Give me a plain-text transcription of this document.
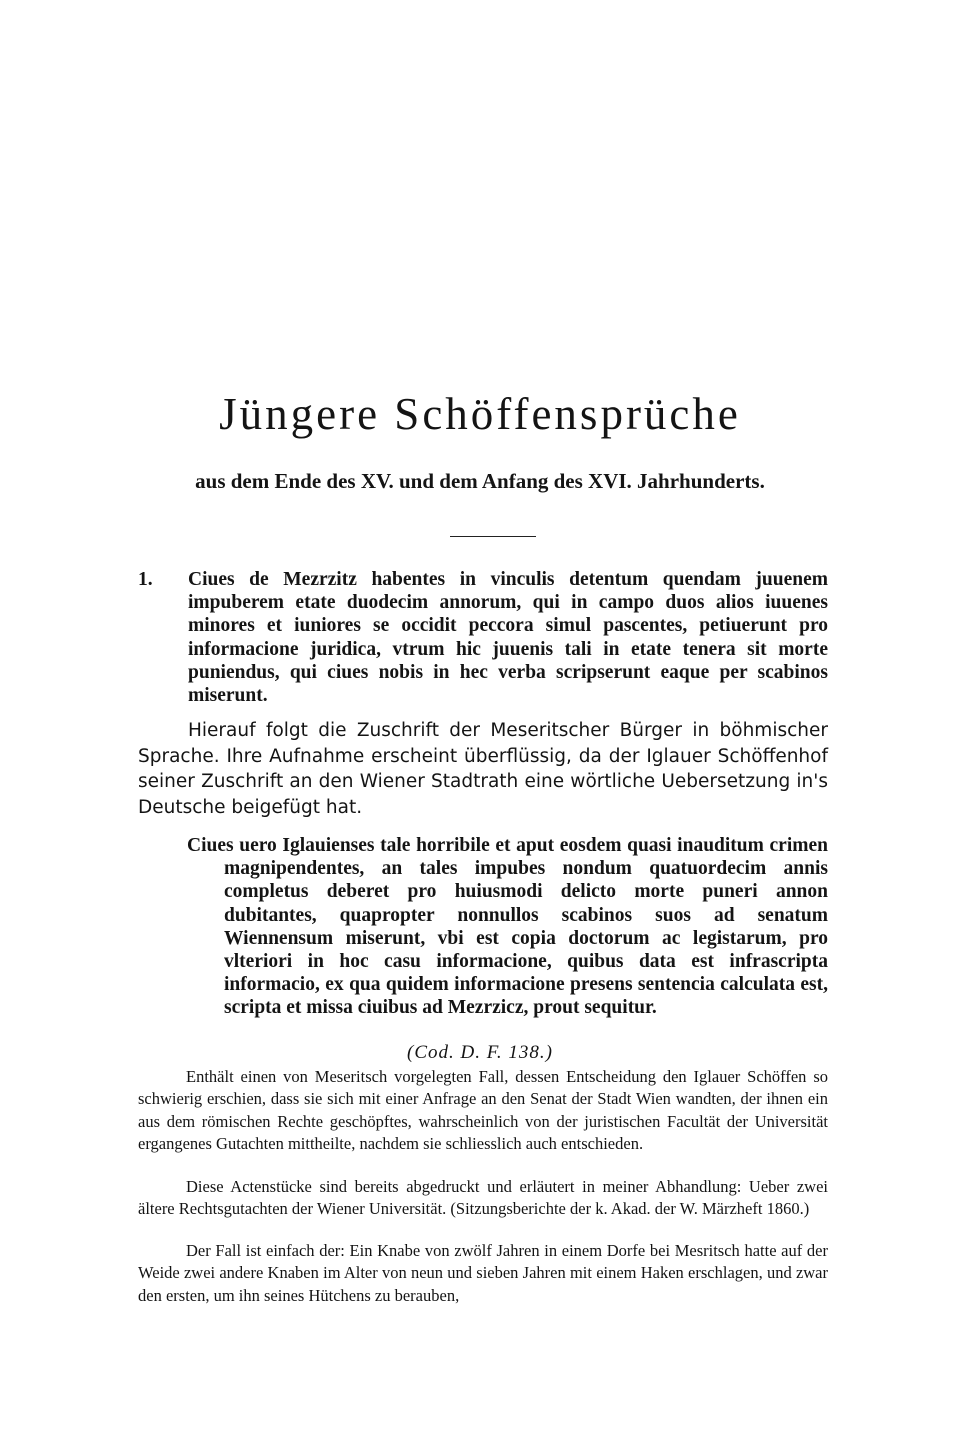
Jüngere Schöffensprüche
aus dem Ende des XV. und dem Anfang des XVI. Jahrhunderts.
1. Ciues de Mezrzitz habentes in vinculis detentum quendam juuenem impuberem etate duodecim annorum, qui in campo duos alios iuuenes minores et iuniores se occidit peccora simul pascentes, petiuerunt pro informacione juridica, vtrum hic juuenis tali in etate tenera sit morte puniendus, qui ciues nobis in hec verba scripserunt eaque per scabinos miserunt.

Hierauf folgt die Zuschrift der Meseritscher Bürger in böhmischer Sprache. Ihre Aufnahme erscheint überflüssig, da der Iglauer Schöffenhof seiner Zuschrift an den Wiener Stadtrath eine wörtliche Uebersetzung in's Deutsche beigefügt hat.

Ciues uero Iglauienses tale horribile et aput eosdem quasi inauditum crimen magnipendentes, an tales impubes nondum quatuordecim annis completus deberet pro huiusmodi delicto morte puneri annon dubitantes, quapropter nonnullos scabinos suos ad senatum Wiennensum miserunt, vbi est copia doctorum ac legistarum, pro vlteriori in hoc casu informacione, quibus data est infrascripta informacio, ex qua quidem informacione presens sentencia calculata est, scripta et missa ciuibus ad Mezrzicz, prout sequitur.

(Cod. D. F. 138.)

Enthält einen von Meseritsch vorgelegten Fall, dessen Entscheidung den Iglauer Schöffen so schwierig erschien, dass sie sich mit einer Anfrage an den Senat der Stadt Wien wandten, der ihnen ein aus dem römischen Rechte geschöpftes, wahrscheinlich von der juristischen Facultät der Universität ergangenes Gutachten mittheilte, nachdem sie schliesslich auch entschieden.

Diese Actenstücke sind bereits abgedruckt und erläutert in meiner Abhandlung: Ueber zwei ältere Rechtsgutachten der Wiener Universität. (Sitzungsberichte der k. Akad. der W. Märzheft 1860.)

Der Fall ist einfach der: Ein Knabe von zwölf Jahren in einem Dorfe bei Mesritsch hatte auf der Weide zwei andere Knaben im Alter von neun und sieben Jahren mit einem Haken erschlagen, und zwar den ersten, um ihn seines Hütchens zu berauben,
